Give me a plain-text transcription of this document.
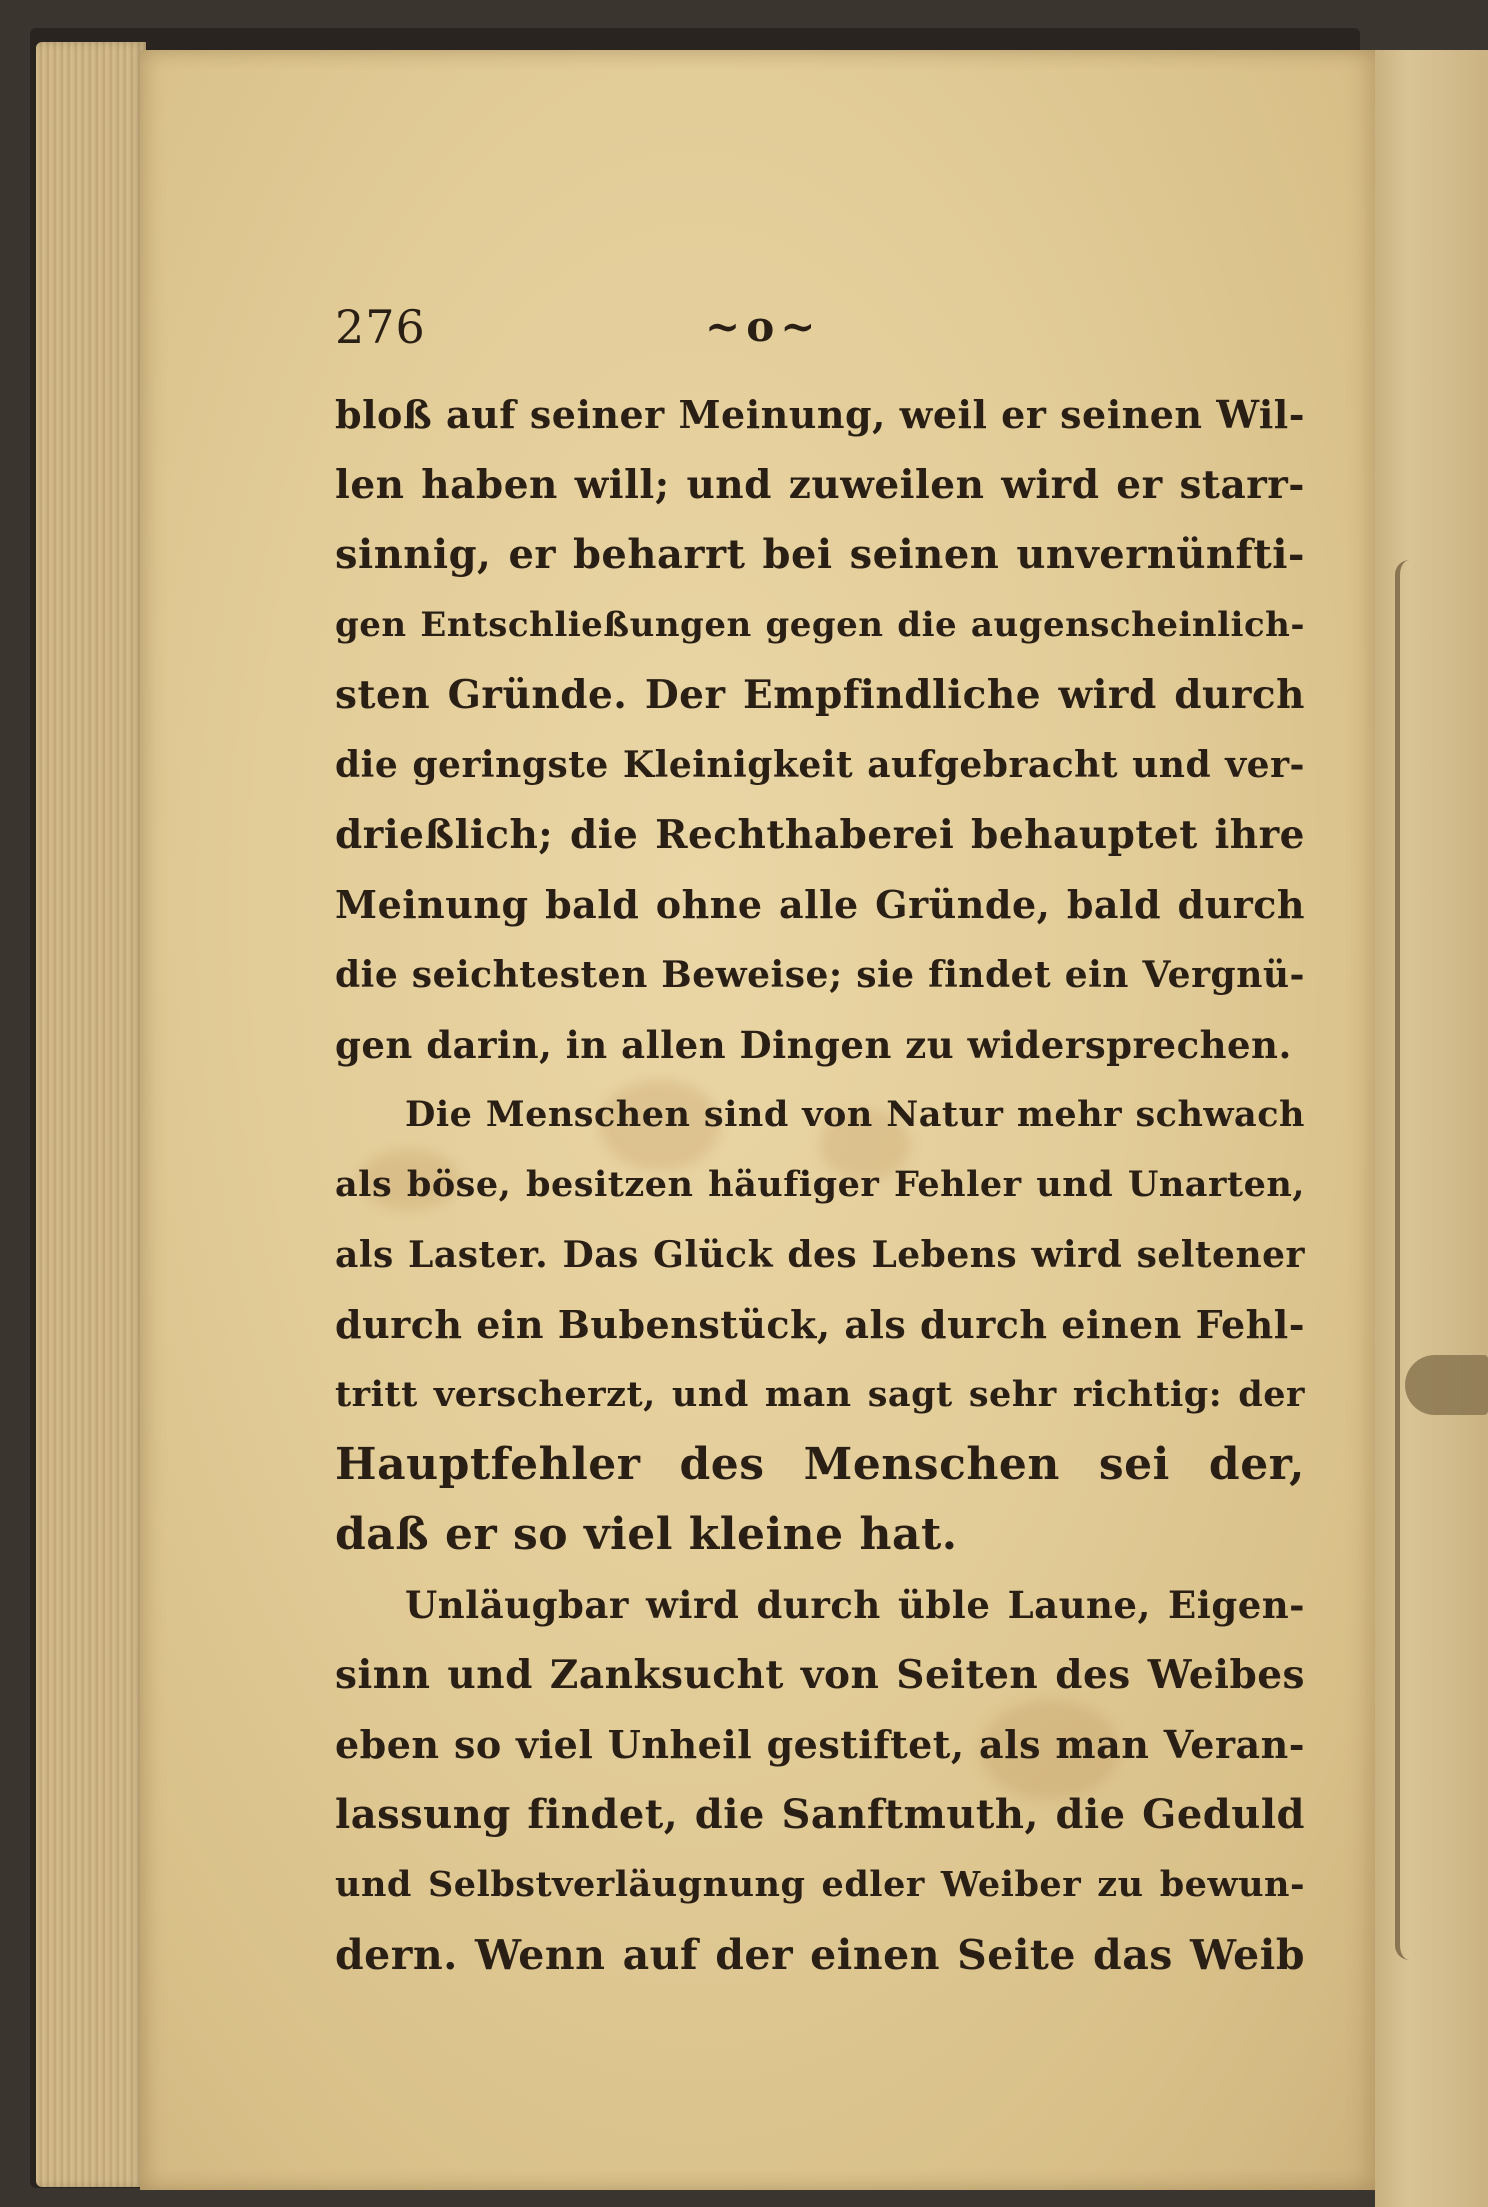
276	~o~
bloß auf seiner Meinung, weil er seinen Wil-
len haben will; und zuweilen wird er starr-
sinnig, er beharrt bei seinen unvernünfti-
gen Entschließungen gegen die augenscheinlich-
sten Gründe. Der Empfindliche wird durch
die geringste Kleinigkeit aufgebracht und ver-
drießlich; die Rechthaberei behauptet ihre
Meinung bald ohne alle Gründe, bald durch
die seichtesten Beweise; sie findet ein Vergnü-
gen darin, in allen Dingen zu widersprechen.
Die Menschen sind von Natur mehr schwach
als böse, besitzen häufiger Fehler und Unarten,
als Laster. Das Glück des Lebens wird seltener
durch ein Bubenstück, als durch einen Fehl-
tritt verscherzt, und man sagt sehr richtig: der
Hauptfehler des Menschen sei der,
daß er so viel kleine hat.
Unläugbar wird durch üble Laune, Eigen-
sinn und Zanksucht von Seiten des Weibes
eben so viel Unheil gestiftet, als man Veran-
lassung findet, die Sanftmuth, die Geduld
und Selbstverläugnung edler Weiber zu bewun-
dern. Wenn auf der einen Seite das Weib
